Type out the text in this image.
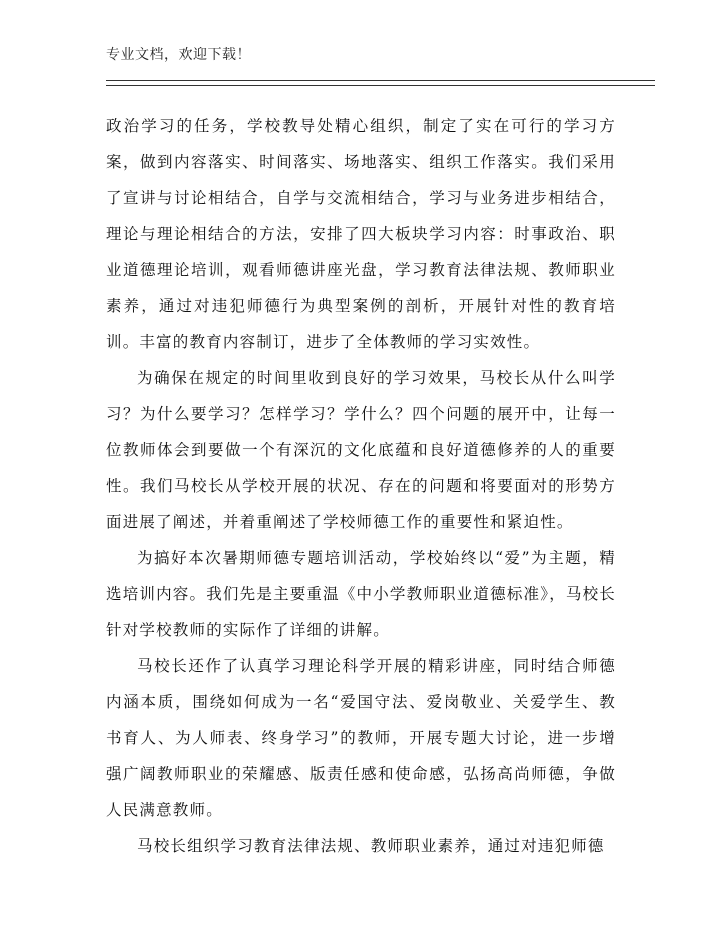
专业文档，欢迎下载！

政治学习的任务，学校教导处精心组织，制定了实在可行的学习方案，做到内容落实、时间落实、场地落实、组织工作落实。我们采用了宣讲与讨论相结合，自学与交流相结合，学习与业务进步相结合，理论与理论相结合的方法，安排了四大板块学习内容：时事政治、职业道德理论培训，观看师德讲座光盘，学习教育法律法规、教师职业素养，通过对违犯师德行为典型案例的剖析，开展针对性的教育培训。丰富的教育内容制订，进步了全体教师的学习实效性。

为确保在规定的时间里收到良好的学习效果，马校长从什么叫学习？为什么要学习？怎样学习？学什么？四个问题的展开中，让每一位教师体会到要做一个有深沉的文化底蕴和良好道德修养的人的重要性。我们马校长从学校开展的状况、存在的问题和将要面对的形势方面进展了阐述，并着重阐述了学校师德工作的重要性和紧迫性。

为搞好本次暑期师德专题培训活动，学校始终以“爱”为主题，精选培训内容。我们先是主要重温《中小学教师职业道德标准》，马校长针对学校教师的实际作了详细的讲解。

马校长还作了认真学习理论科学开展的精彩讲座，同时结合师德内涵本质，围绕如何成为一名“爱国守法、爱岗敬业、关爱学生、教书育人、为人师表、终身学习”的教师，开展专题大讨论，进一步增强广阔教师职业的荣耀感、版责任感和使命感，弘扬高尚师德，争做人民满意教师。

马校长组织学习教育法律法规、教师职业素养，通过对违犯师德
